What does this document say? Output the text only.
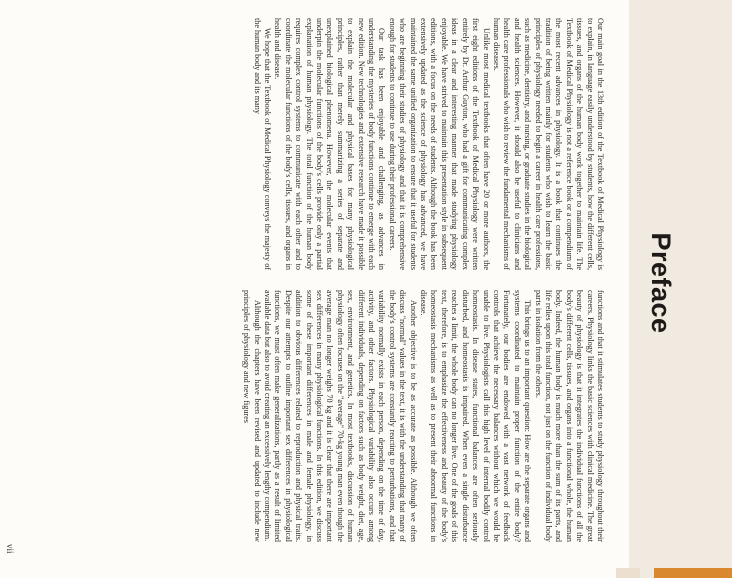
Preface

Our main goal in the 13th edition of the Textbook of Medical Physiology is to explain, in language easily understood by students, how the different cells, tissues, and organs of the human body work together to maintain life. The Textbook of Medical Physiology is not a reference book or a compendium of the most recent advances in physiology. It is a book that continues the tradition of being written mainly for students who wish to learn the basic principles of physiology needed to begin a career in health care professions, such as medicine, dentistry, and nursing, or graduate studies in the biological and health sciences. However, it should also be useful to clinicians and health care professionals who wish to review the fundamental mechanisms of human diseases.

Unlike most medical textbooks that often have 20 or more authors, the first eight editions of the Textbook of Medical Physiology were written entirely by Dr. Arthur Guyton, who had a gift for communicating complex ideas in a clear and interesting manner that made studying physiology enjoyable. We have strived to maintain this presentation style in subsequent editions, with a focus on the needs of students. Although the book has been extensively updated as the science of physiology has advanced, we have maintained the same unified organization to ensure that it useful for students who are beginning their studies of physiology and that it is comprehensive enough for students to continue to use during their professional careers.

Our task has been enjoyable and challenging, as advances in understanding the mysteries of body functions continue to emerge with each new edition. New technologies and extensive research have made it possible to explain the molecular and physical bases for many physiological principles, rather than merely summarizing a series of separate and unexplained biological phenomena. However, the molecular events that underpin the molecular functions of the body's cells provide only a partial explanation of human physiology. The total function of the human body requires complex control systems to communicate with each other and to coordinate the molecular functions of the body's cells, tissues, and organs in health and disease.

We hope that the Textbook of Medical Physiology conveys the majesty of the human body and its many

functions and that it stimulates students to study physiology throughout their careers. Physiology links the basic sciences with clinical medicine. The great beauty of physiology is that it integrates the individual functions of all the body's different cells, tissues, and organs into a functional whole, the human body. Indeed, the human body is much more than the sum of its parts, and life relies upon this total function, not just on the function of individual body parts in isolation from the others.

This brings us to an important question: How are the separate organs and systems coordinated to maintain proper function of the entire body? Fortunately, our bodies are endowed with a vast network of feedback controls that achieve the necessary balances without which we would be unable to live. Physiologists call this high level of internal bodily control homeostasis. In disease states, functional balances are often seriously disturbed, and homeostasis is impaired. When even a single disturbance reaches a limit, the whole body can no longer live. One of the goals of this text, therefore, is to emphasize the effectiveness and beauty of the body's homeostasis mechanisms as well as to present their abnormal functions in disease.

Another objective is to be as accurate as possible. Although we often discuss "normal" values in the text, it is with the understanding that many of the body's control systems are constantly reacting to perturbations, and that variability normally exists in each person, depending on the time of day, activity, and other factors. Physiological variability also occurs among different individuals, depending on factors such as body weight, diet, age, sex, environment, and genetics. In most textbooks, discussion of human physiology often focuses on the "average" 70-kg young man even though the average man no longer weighs 70 kg and it is clear that there are important sex differences in many physiological functions. In this edition, we discuss some of these important differences in male and female physiology, in addition to obvious differences related to reproduction and physical traits. Despite our attempts to outline important sex differences in physiological functions, we must often make generalizations, partly as a result of limited available data but also to avoid creating an excessively lengthy compendium.

Although the chapters have been revised and updated to include new principles of physiology and new figures

vii
